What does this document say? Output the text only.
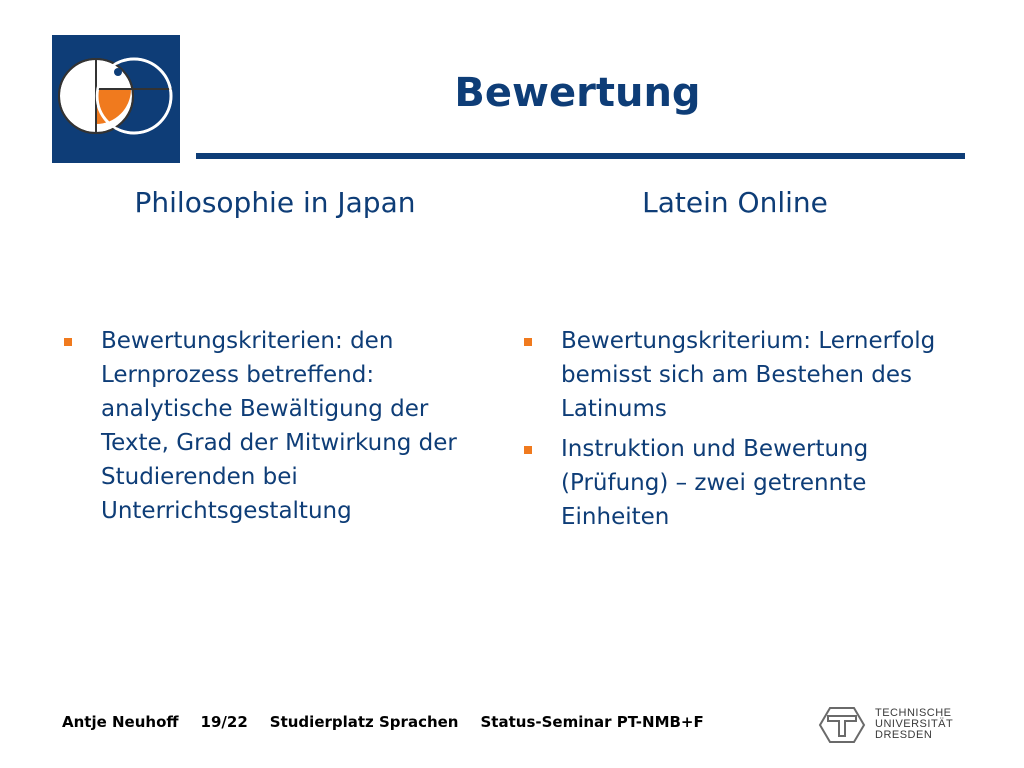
Bewertung
Philosophie in Japan	Latein Online
Bewertungskriterien: den Lernprozess betreffend: analytische Bewältigung der Texte, Grad der Mitwirkung der Studierenden bei Unterrichtsgestaltung
Bewertungskriterium: Lernerfolg bemisst sich am Bestehen des Latinums
Instruktion und Bewertung (Prüfung) – zwei getrennte Einheiten
Antje Neuhoff 19/22 Studierplatz Sprachen Status-Seminar PT-NMB+F	TECHNISCHE
UNIVERSITÄT
DRESDEN
